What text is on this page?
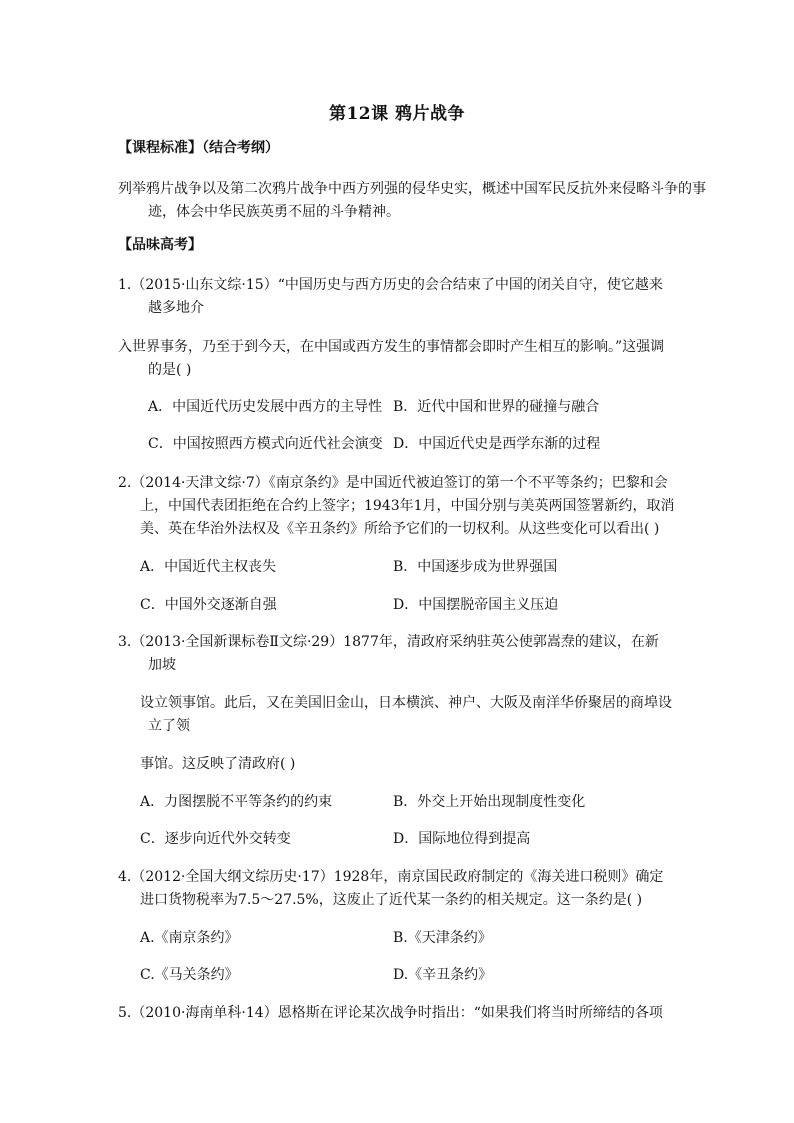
第12课 鸦片战争
【课程标准】（结合考纲）
列举鸦片战争以及第二次鸦片战争中西方列强的侵华史实，概述中国军民反抗外来侵略斗争的事
迹，体会中华民族英勇不屈的斗争精神。
【品味高考】
1.（2015·山东文综·15）“中国历史与西方历史的会合结束了中国的闭关自守，使它越来
越多地介
入世界事务，乃至于到今天，在中国或西方发生的事情都会即时产生相互的影响。”这强调
的是( )
A．中国近代历史发展中西方的主导性 B．近代中国和世界的碰撞与融合
C．中国按照西方模式向近代社会演变 D．中国近代史是西学东渐的过程
2.（2014·天津文综·7）《南京条约》是中国近代被迫签订的第一个不平等条约；巴黎和会
上，中国代表团拒绝在合约上签字；1943年1月，中国分别与美英两国签署新约，取消
美、英在华治外法权及《辛丑条约》所给予它们的一切权利。从这些变化可以看出( )
A．中国近代主权丧失	B．中国逐步成为世界强国
C．中国外交逐渐自强	D．中国摆脱帝国主义压迫
3.（2013·全国新课标卷Ⅱ文综·29）1877年，清政府采纳驻英公使郭嵩焘的建议，在新
加坡
设立领事馆。此后，又在美国旧金山，日本横滨、神户、大阪及南洋华侨聚居的商埠设
立了领
事馆。这反映了清政府( )
A．力图摆脱不平等条约的约束	B．外交上开始出现制度性变化
C．逐步向近代外交转变	D．国际地位得到提高
4.（2012·全国大纲文综历史·17）1928年，南京国民政府制定的《海关进口税则》确定
进口货物税率为7.5～27.5%，这废止了近代某一条约的相关规定。这一条约是( )
A.《南京条约》	B.《天津条约》
C.《马关条约》	D.《辛丑条约》
5.（2010·海南单科·14）恩格斯在评论某次战争时指出：“如果我们将当时所缔结的各项
